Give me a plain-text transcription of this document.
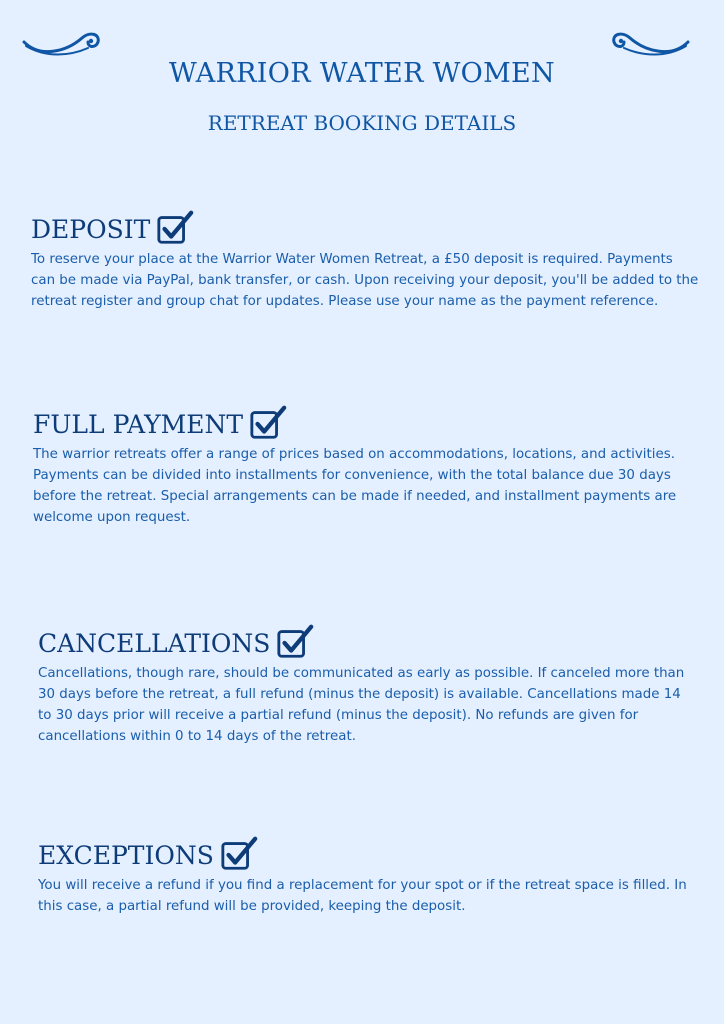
WARRIOR WATER WOMEN
RETREAT BOOKING DETAILS
DEPOSIT

To reserve your place at the Warrior Water Women Retreat, a £50 deposit is required. Payments can be made via PayPal, bank transfer, or cash. Upon receiving your deposit, you'll be added to the retreat register and group chat for updates. Please use your name as the payment reference.

FULL PAYMENT

The warrior retreats offer a range of prices based on accommodations, locations, and activities. Payments can be divided into installments for convenience, with the total balance due 30 days before the retreat. Special arrangements can be made if needed, and installment payments are welcome upon request.

CANCELLATIONS

Cancellations, though rare, should be communicated as early as possible. If canceled more than 30 days before the retreat, a full refund (minus the deposit) is available. Cancellations made 14 to 30 days prior will receive a partial refund (minus the deposit). No refunds are given for cancellations within 0 to 14 days of the retreat.

EXCEPTIONS

You will receive a refund if you find a replacement for your spot or if the retreat space is filled. In this case, a partial refund will be provided, keeping the deposit.
